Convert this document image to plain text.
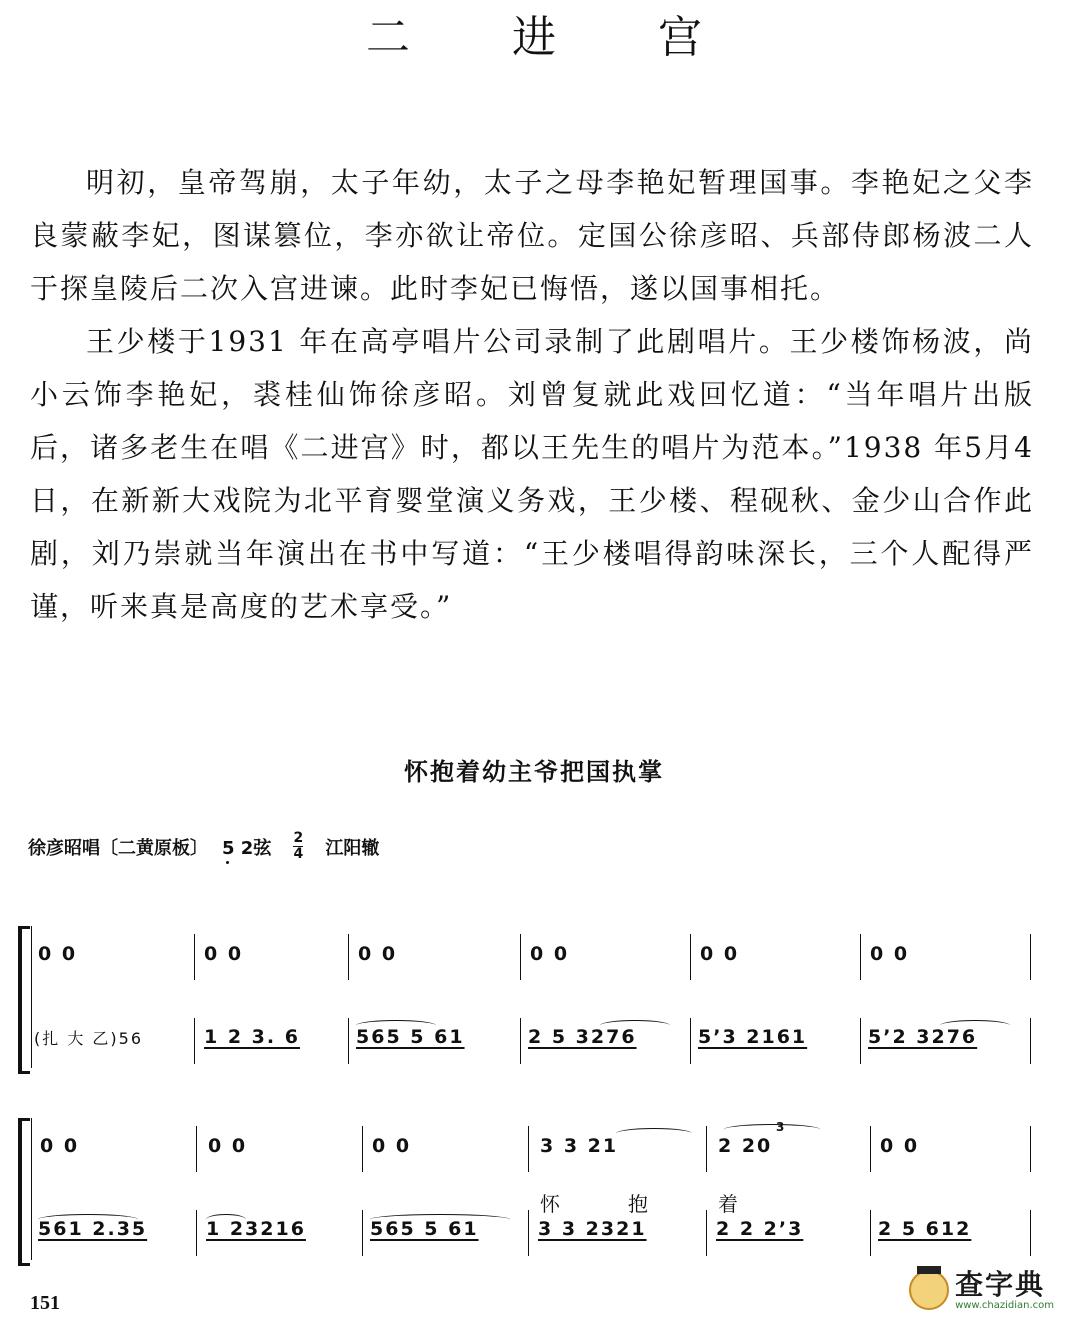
二 进 宫

明初，皇帝驾崩，太子年幼，太子之母李艳妃暂理国事。李艳妃之父李良蒙蔽李妃，图谋篡位，李亦欲让帝位。定国公徐彦昭、兵部侍郎杨波二人于探皇陵后二次入宫进谏。此时李妃已悔悟，遂以国事相托。

王少楼于1931 年在高亭唱片公司录制了此剧唱片。王少楼饰杨波，尚小云饰李艳妃，裘桂仙饰徐彦昭。刘曾复就此戏回忆道：“当年唱片出版后，诸多老生在唱《二进宫》时，都以王先生的唱片为范本。”1938 年5月4日，在新新大戏院为北平育婴堂演义务戏，王少楼、程砚秋、金少山合作此剧，刘乃崇就当年演出在书中写道：“王少楼唱得韵味深长，三个人配得严谨，听来真是高度的艺术享受。”

怀抱着幼主爷把国执掌
徐彦昭唱〔二黄原板〕 5 2弦 $\frac{2}{4}$ 江阳辙
0 0	0 0	0 0	0 0	0 0	0 0
(扎 大 乙)56	1 2 3. 6	565 5 61	2 5 3276	5’3 2161	5’2 3276
0 0	0 0	0 0	3 3 21	2 20	0 0
3
怀	抱	着
561 2.35	1 23216	565 5 61	3 3 2321	2 2 2’3	2 5 612
151
查字典
www.chazidian.com
